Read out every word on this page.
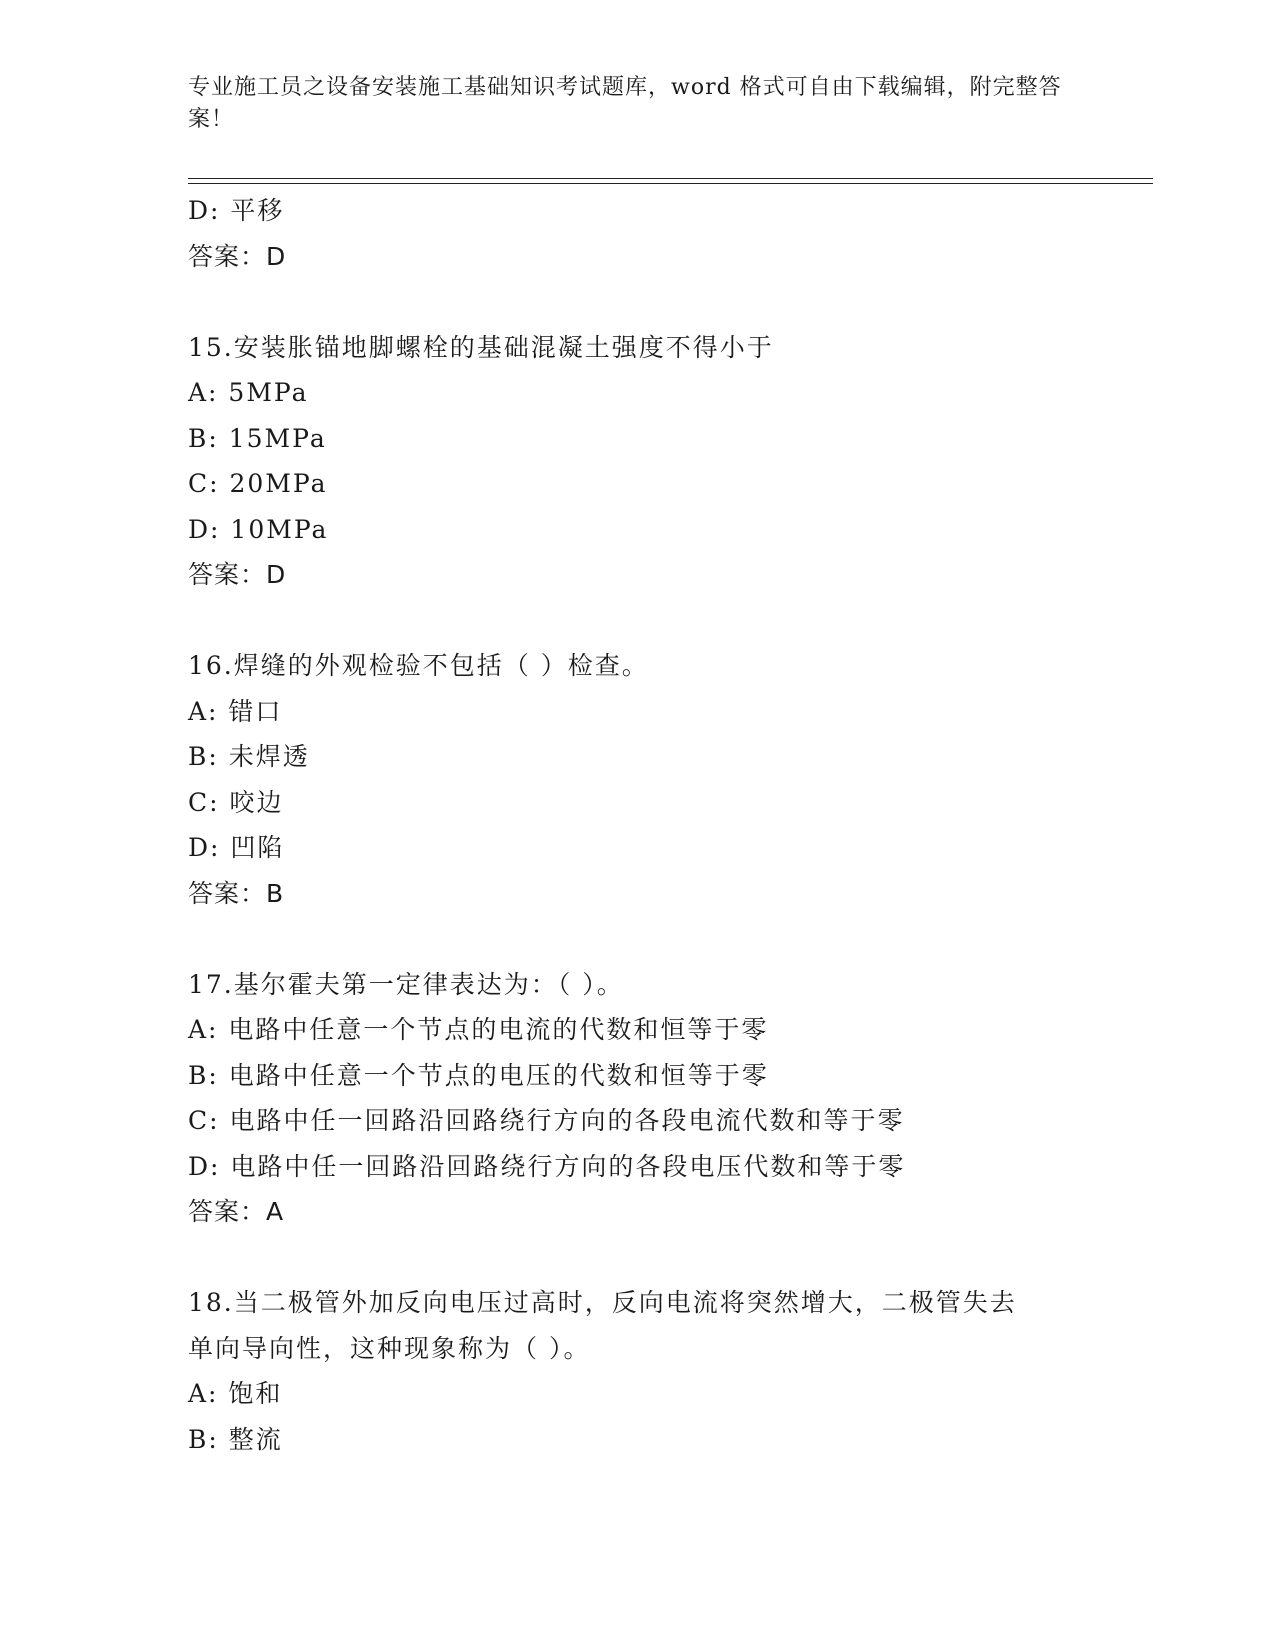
专业施工员之设备安装施工基础知识考试题库，word 格式可自由下载编辑，附完整答案！
D: 平移
答案：D
15.安装胀锚地脚螺栓的基础混凝土强度不得小于
A: 5MPa
B: 15MPa
C: 20MPa
D: 10MPa
答案：D
16.焊缝的外观检验不包括（ ）检查。
A: 错口
B: 未焊透
C: 咬边
D: 凹陷
答案：B
17.基尔霍夫第一定律表达为：（ ）。
A: 电路中任意一个节点的电流的代数和恒等于零
B: 电路中任意一个节点的电压的代数和恒等于零
C: 电路中任一回路沿回路绕行方向的各段电流代数和等于零
D: 电路中任一回路沿回路绕行方向的各段电压代数和等于零
答案：A
18.当二极管外加反向电压过高时，反向电流将突然增大，二极管失去
单向导向性，这种现象称为（ ）。
A: 饱和
B: 整流
